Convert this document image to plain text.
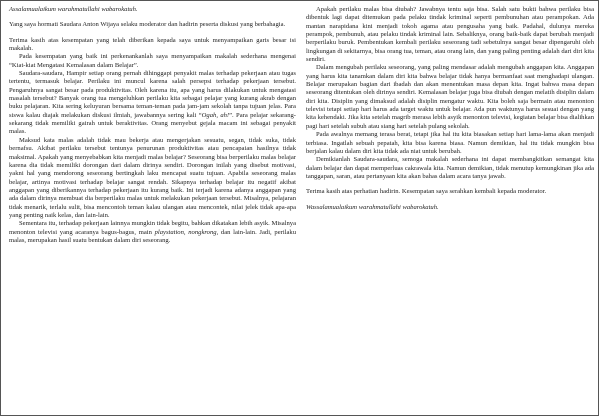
Assalamualaikum warahmatullahi wabarokatuh.

Yang saya hormati Saudara Anton Wijaya selaku moderator dan hadirin peserta diskusi yang berbahagia.

Terima kasih atas kesempatan yang telah diberikan kepada saya untuk menyampaikan garis besar isi makalah.

Pada kesempatan yang baik ini perkenankanlah saya menyampaikan makalah sederhana mengenai “Kiat-kiat Mengatasi Kemalasan dalam Belajar”.

Saudara-saudara, Hampir setiap orang pernah dihinggapi penyakit malas terhadap pekerjaan atau tugas tertentu, termasuk belajar. Perilaku ini muncul karena salah persepsi terhadap pekerjaan tersebut. Pengaruhnya sangat besar pada produktivitas. Oleh karena itu, apa yang harus dilakukan untuk mengatasi masalah tersebut? Banyak orang tua mengeluhkan perilaku kita sebagai pelajar yang kurang akrab dengan buku pelajaran. Kita sering keluyuran bersama teman-teman pada jam-jam sekolah tanpa tujuan jelas. Para siswa kalau diajak melakukan diskusi ilmiah, jawabannya sering kali “Ogah, ah!”. Para pelajar sekarang-sekarang tidak memiliki gairah untuk beraktivitas. Orang menyebut gejala macam ini sebagai penyakit malas.

Maksud kata malas adalah tidak mau bekerja atau mengerjakan sesuatu, segan, tidak suka, tidak bernafsu. Akibat perilaku tersebut tentunya penurunan produktivitas atau pencapaian hasilnya tidak maksimal. Apakah yang menyebabkan kita menjadi malas belajar? Seseorang bisa berperilaku malas belajar karena dia tidak memiliki dorongan dari dalam dirinya sendiri. Dorongan inilah yang disebut motivasi, yakni hal yang mendorong seseorang bertingkah laku mencapai suatu tujuan. Apabila seseorang malas belajar, artinya motivasi terhadap belajar sangat rendah. Sikapnya terhadap belajar itu negatif akibat anggapan yang diberikannya terhadap pekerjaan itu kurang baik. Ini terjadi karena adanya anggapan yang ada dalam dirinya membuat dia berperilaku malas untuk melakukan pekerjaan tersebut. Misalnya, pelajaran tidak menarik, terlalu sulit, bisa mencontoh teman kalau ulangan atau mencontek, nilai jelek tidak apa-apa yang penting naik kelas, dan lain-lain.

Sementara itu, terhadap pekerjaan lainnya mungkin tidak begitu, bahkan dikatakan lebih asyik. Misalnya menonton televisi yang acaranya bagus-bagus, main playstation, nongkrong, dan lain-lain. Jadi, perilaku malas, merupakan hasil suatu bentukan dalam diri seseorang.

Apakah perilaku malas bisa diubah? Jawabnya tentu saja bisa. Salah satu bukti bahwa perilaku bisa dibentuk lagi dapat ditemukan pada pelaku tindak kriminal seperti pembunuhan atau perampokan. Ada mantan narapidana kini menjadi tokoh agama atau pengusaha yang baik. Padahal, dulunya mereka perampok, pembunuh, atau pelaku tindak kriminal lain. Sebaliknya, orang baik-baik dapat berubah menjadi berperilaku buruk. Pembentukan kembali perilaku seseorang tadi sebetulnya sangat besar dipengaruhi oleh lingkungan di sekitarnya, bisa orang tua, teman, atau orang lain, dan yang paling penting adalah dari diri kita sendiri.

Dalam mengubah perilaku seseorang, yang paling mendasar adalah mengubah anggapan kita. Anggapan yang harus kita tanamkan dalam diri kita bahwa belajar tidak hanya bermanfaat saat menghadapi ulangan. Belajar merupakan bagian dari ibadah dan akan menentukan masa depan kita. Ingat bahwa masa depan seseorang ditentukan oleh dirinya sendiri. Kemalasan belajar juga bisa diubah dengan melatih disiplin dalam diri kita. Disiplin yang dimaksud adalah disiplin mengatur waktu. Kita boleh saja bermain atau menonton televisi tetapi setiap hari harus ada target waktu untuk belajar. Ada pun waktunya harus sesuai dengan yang kita kehendaki. Jika kita setelah magrib merasa lebih asyik menonton televisi, kegiatan belajar bisa dialihkan pagi hari setelah subuh atau siang hari setelah pulang sekolah.

Pada awalnya memang terasa berat, tetapi jika hal itu kita biasakan setiap hari lama-lama akan menjadi terbiasa. Ingatlah sebuah pepatah, kita bisa karena biasa. Namun demikian, hal itu tidak mungkin bisa berjalan kalau dalam diri kita tidak ada niat untuk berubah.

Demikianlah Saudara-saudara, semoga makalah sederhana ini dapat membangkitkan semangat kita dalam belajar dan dapat memperluas cakrawala kita. Namun demikian, tidak menutup kemungkinan jika ada tanggapan, saran, atau pertanyaan kita akan bahas dalam acara tanya jawab.

Terima kasih atas perhatian hadirin. Kesempatan saya serahkan kembali kepada moderator.

Wassalamualaikum warahmatullahi wabarokatuh.
